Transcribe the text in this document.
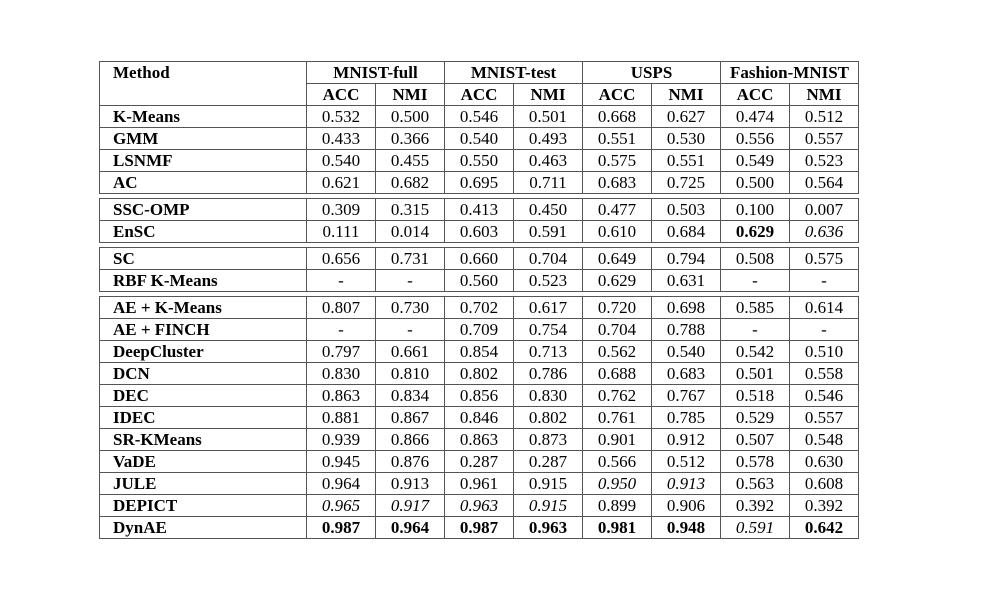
Method	MNIST-full		MNIST-test		USPS		Fashion-MNIST	
	ACC	NMI	ACC	NMI	ACC	NMI	ACC	NMI
K-Means	0.532	0.500	0.546	0.501	0.668	0.627	0.474	0.512
GMM	0.433	0.366	0.540	0.493	0.551	0.530	0.556	0.557
LSNMF	0.540	0.455	0.550	0.463	0.575	0.551	0.549	0.523
AC	0.621	0.682	0.695	0.711	0.683	0.725	0.500	0.564

SSC-OMP	0.309	0.315	0.413	0.450	0.477	0.503	0.100	0.007
EnSC	0.111	0.014	0.603	0.591	0.610	0.684	0.629	0.636

SC	0.656	0.731	0.660	0.704	0.649	0.794	0.508	0.575
RBF K-Means	-	-	0.560	0.523	0.629	0.631	-	-

AE + K-Means	0.807	0.730	0.702	0.617	0.720	0.698	0.585	0.614
AE + FINCH	-	-	0.709	0.754	0.704	0.788	-	-
DeepCluster	0.797	0.661	0.854	0.713	0.562	0.540	0.542	0.510
DCN	0.830	0.810	0.802	0.786	0.688	0.683	0.501	0.558
DEC	0.863	0.834	0.856	0.830	0.762	0.767	0.518	0.546
IDEC	0.881	0.867	0.846	0.802	0.761	0.785	0.529	0.557
SR-KMeans	0.939	0.866	0.863	0.873	0.901	0.912	0.507	0.548
VaDE	0.945	0.876	0.287	0.287	0.566	0.512	0.578	0.630
JULE	0.964	0.913	0.961	0.915	0.950	0.913	0.563	0.608
DEPICT	0.965	0.917	0.963	0.915	0.899	0.906	0.392	0.392
DynAE	0.987	0.964	0.987	0.963	0.981	0.948	0.591	0.642
